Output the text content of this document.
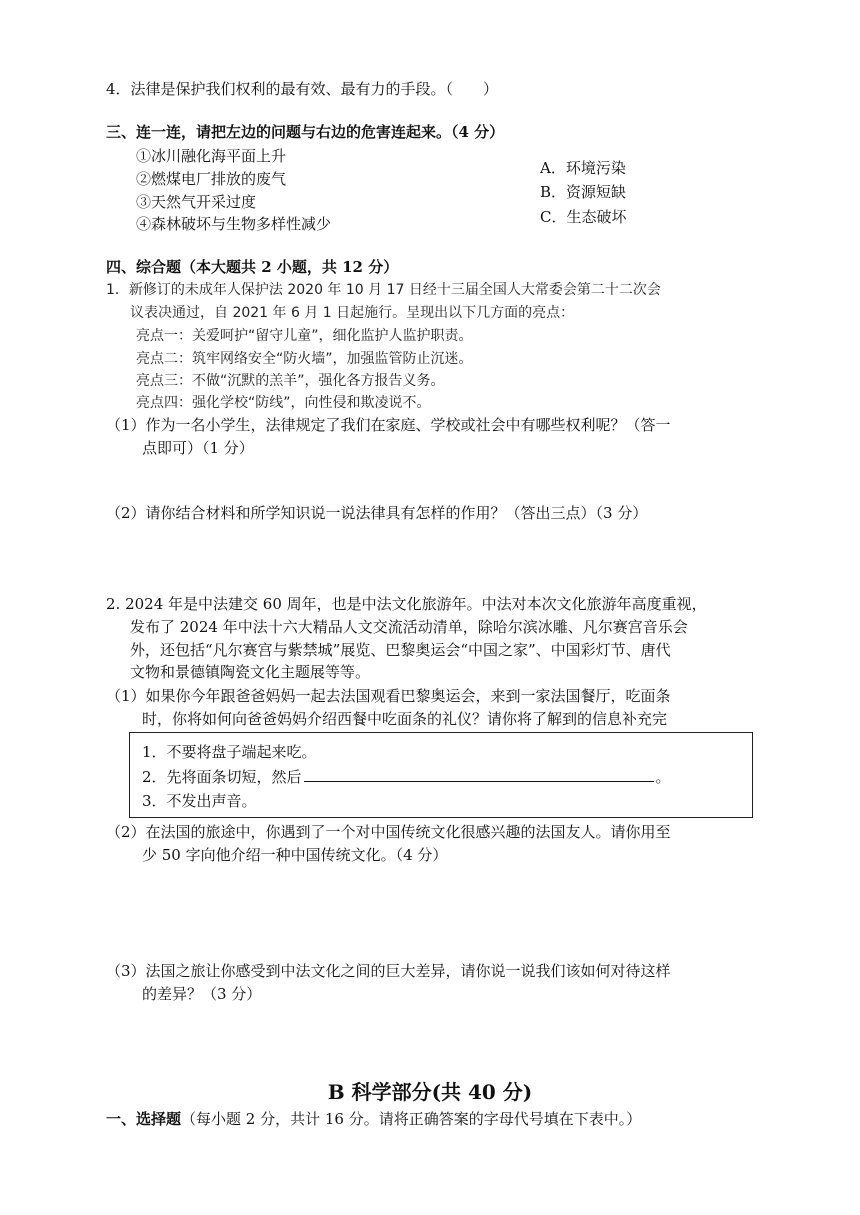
4．法律是保护我们权利的最有效、最有力的手段。（　　）
三、连一连，请把左边的问题与右边的危害连起来。（4 分）
①冰川融化海平面上升
②燃煤电厂排放的废气
③天然气开采过度
④森林破坏与生物多样性减少
A．环境污染
B．资源短缺
C．生态破坏
四、综合题（本大题共 2 小题，共 12 分）
1．新修订的未成年人保护法 2020 年 10 月 17 日经十三届全国人大常委会第二十二次会
议表决通过，自 2021 年 6 月 1 日起施行。呈现出以下几方面的亮点：
亮点一：关爱呵护“留守儿童”，细化监护人监护职责。
亮点二：筑牢网络安全“防火墙”，加强监管防止沉迷。
亮点三：不做“沉默的羔羊”，强化各方报告义务。
亮点四：强化学校“防线”，向性侵和欺凌说不。
（1）作为一名小学生，法律规定了我们在家庭、学校或社会中有哪些权利呢？（答一
点即可）（1 分）
（2）请你结合材料和所学知识说一说法律具有怎样的作用？（答出三点）（3 分）
2. 2024 年是中法建交 60 周年，也是中法文化旅游年。中法对本次文化旅游年高度重视，
发布了 2024 年中法十六大精品人文交流活动清单，除哈尔滨冰雕、凡尔赛宫音乐会
外，还包括“凡尔赛宫与紫禁城”展览、巴黎奥运会“中国之家”、中国彩灯节、唐代
文物和景德镇陶瓷文化主题展等等。
（1）如果你今年跟爸爸妈妈一起去法国观看巴黎奥运会，来到一家法国餐厅，吃面条
时，你将如何向爸爸妈妈介绍西餐中吃面条的礼仪？请你将了解到的信息补充完
1．不要将盘子端起来吃。
2．先将面条切短，然后	。
3．不发出声音。
（2）在法国的旅途中，你遇到了一个对中国传统文化很感兴趣的法国友人。请你用至
少 50 字向他介绍一种中国传统文化。（4 分）
（3）法国之旅让你感受到中法文化之间的巨大差异，请你说一说我们该如何对待这样
的差异？（3 分）
B 科学部分(共 40 分)
一、选择题（每小题 2 分，共计 16 分。请将正确答案的字母代号填在下表中。）
